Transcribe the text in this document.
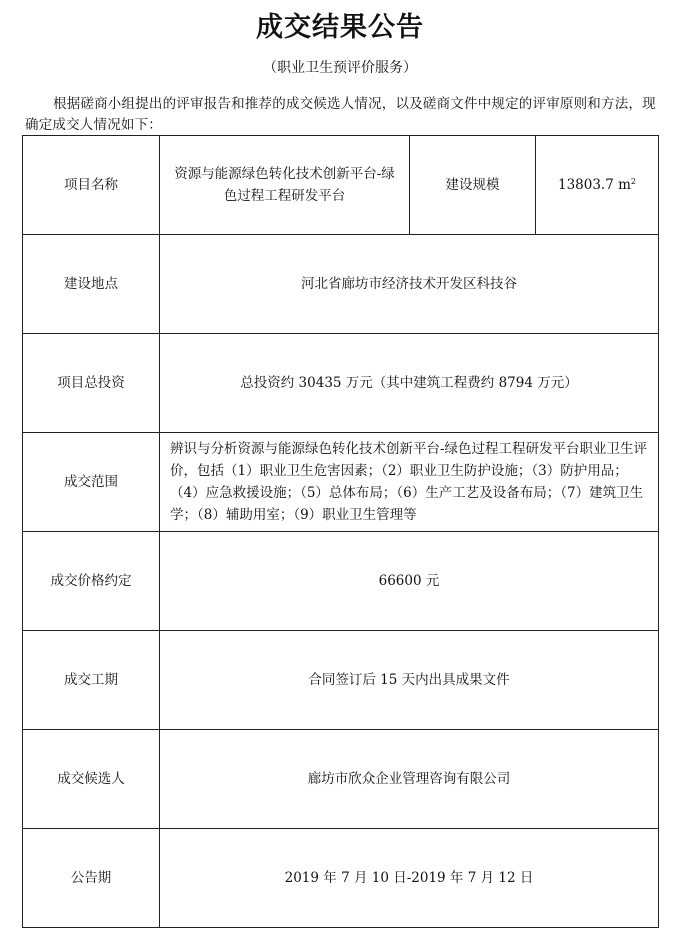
成交结果公告
（职业卫生预评价服务）
根据磋商小组提出的评审报告和推荐的成交候选人情况，以及磋商文件中规定的评审原则和方法，现确定成交人情况如下：
项目名称	资源与能源绿色转化技术创新平台-绿色过程工程研发平台	建设规模	13803.7 $m^2$
建设地点	河北省廊坊市经济技术开发区科技谷		
项目总投资	总投资约 30435 万元（其中建筑工程费约 8794 万元）		
成交范围	辨识与分析资源与能源绿色转化技术创新平台-绿色过程工程研发平台职业卫生评价，包括（1）职业卫生危害因素；（2）职业卫生防护设施；（3）防护用品；（4）应急救援设施；（5）总体布局；（6）生产工艺及设备布局；（7）建筑卫生学；（8）辅助用室；（9）职业卫生管理等		
成交价格约定	66600 元		
成交工期	合同签订后 15 天内出具成果文件		
成交候选人	廊坊市欣众企业管理咨询有限公司		
公告期	2019 年 7 月 10 日-2019 年 7 月 12 日		
